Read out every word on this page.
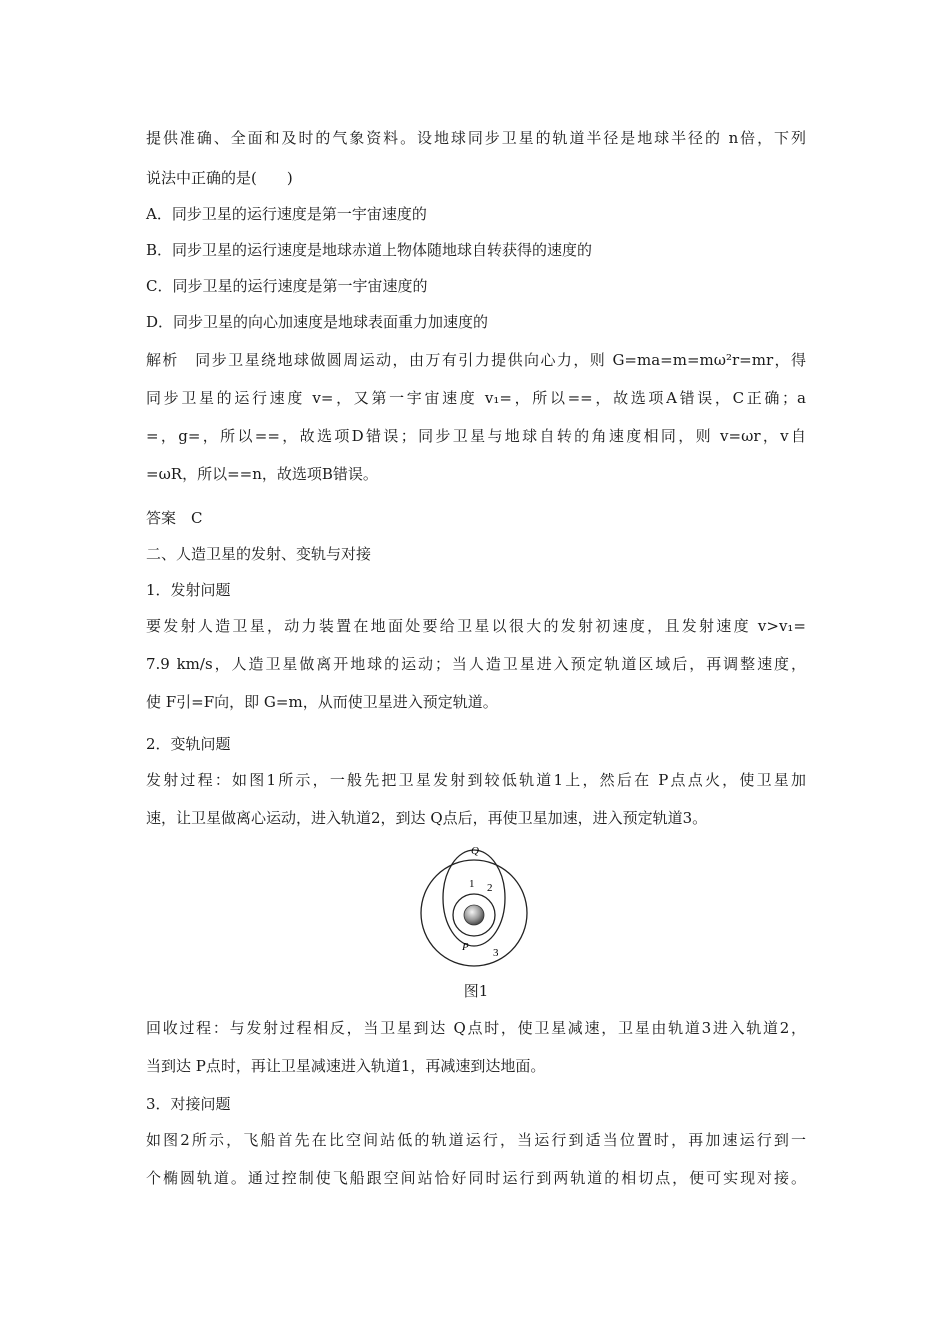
提供准确、全面和及时的气象资料。设地球同步卫星的轨道半径是地球半径的 n倍，下列
说法中正确的是(　　)
A．同步卫星的运行速度是第一宇宙速度的
B．同步卫星的运行速度是地球赤道上物体随地球自转获得的速度的
C．同步卫星的运行速度是第一宇宙速度的
D．同步卫星的向心加速度是地球表面重力加速度的
解析　同步卫星绕地球做圆周运动，由万有引力提供向心力，则 G=ma=m=mω²r=mr，得
同步卫星的运行速度 v=，又第一宇宙速度 v₁=，所以==，故选项A错误，C正确；a
=，g=，所以==，故选项D错误；同步卫星与地球自转的角速度相同，则 v=ωr，v自
=ωR，所以==n，故选项B错误。
答案　C
二、人造卫星的发射、变轨与对接
1．发射问题
要发射人造卫星，动力装置在地面处要给卫星以很大的发射初速度，且发射速度 v>v₁=
7.9 km/s，人造卫星做离开地球的运动；当人造卫星进入预定轨道区域后，再调整速度，
使 F引=F向，即 G=m，从而使卫星进入预定轨道。
2．变轨问题
发射过程：如图1所示，一般先把卫星发射到较低轨道1上，然后在 P点点火，使卫星加
速，让卫星做离心运动，进入轨道2，到达 Q点后，再使卫星加速，进入预定轨道3。
Q
1 2
P 3
图1
回收过程：与发射过程相反，当卫星到达 Q点时，使卫星减速，卫星由轨道3进入轨道2，
当到达 P点时，再让卫星减速进入轨道1，再减速到达地面。
3．对接问题
如图2所示，飞船首先在比空间站低的轨道运行，当运行到适当位置时，再加速运行到一
个椭圆轨道。通过控制使飞船跟空间站恰好同时运行到两轨道的相切点，便可实现对接。
